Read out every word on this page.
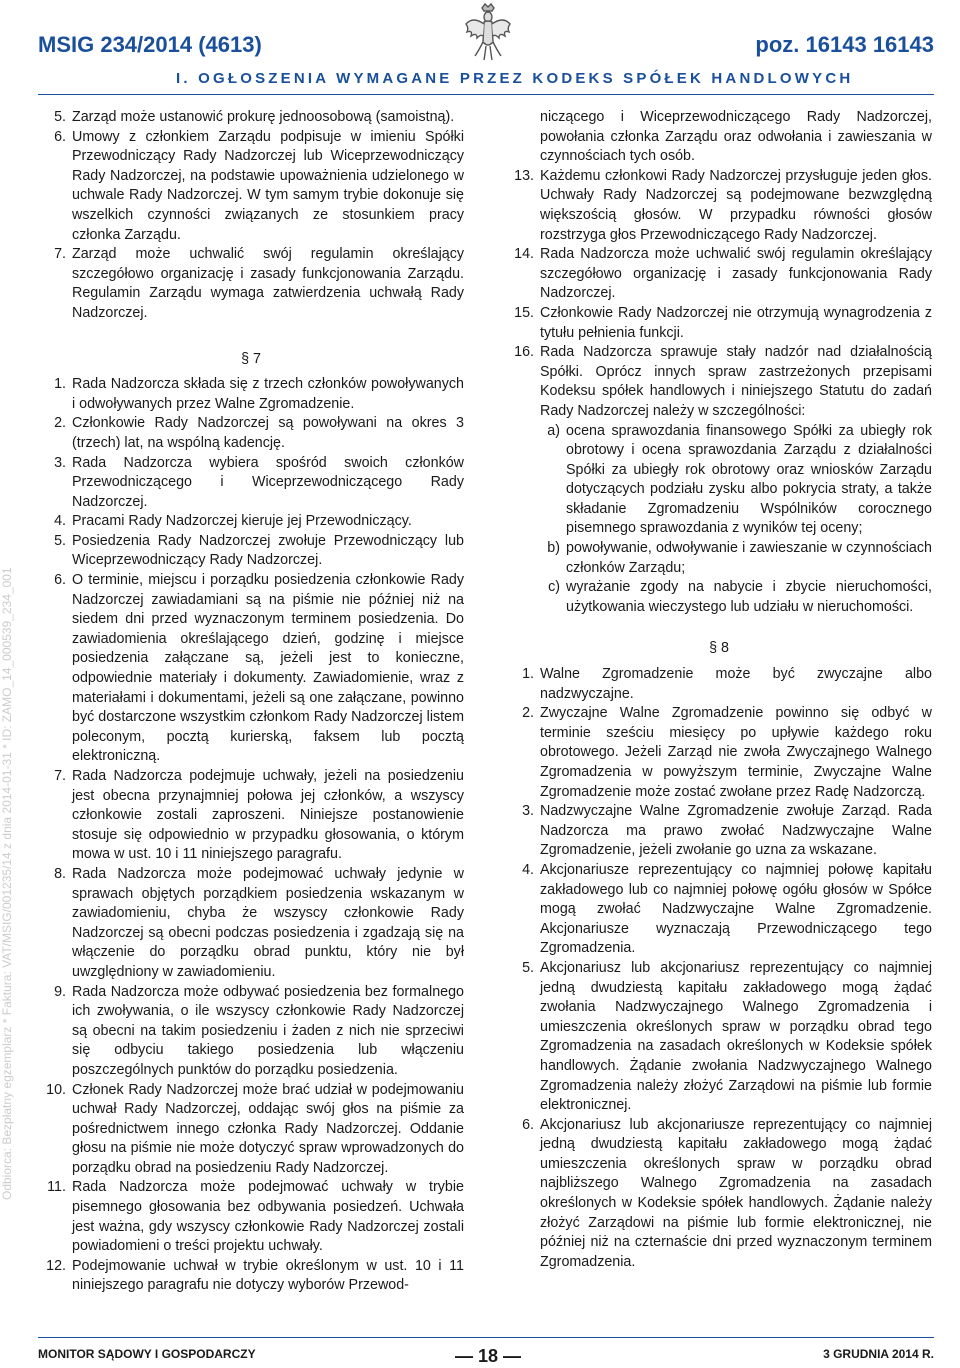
MSIG 234/2014 (4613)	poz. 16143 16143
I. OGŁOSZENIA WYMAGANE PRZEZ KODEKS SPÓŁEK HANDLOWYCH
Odbiorca: Bezpłatny egzemplarz * Faktura: VAT/MSIG/001235/14 z dnia 2014-01-31 * ID: ZAMO_14_000539_234_001
5. Zarząd może ustanowić prokurę jednoosobową (samoistną).
6. Umowy z członkiem Zarządu podpisuje w imieniu Spółki Przewodniczący Rady Nadzorczej lub Wiceprzewodniczący Rady Nadzorczej, na podstawie upoważnienia udzielonego w uchwale Rady Nadzorczej. W tym samym trybie dokonuje się wszelkich czynności związanych ze stosunkiem pracy członka Zarządu.
7. Zarząd może uchwalić swój regulamin określający szczegółowo organizację i zasady funkcjonowania Zarządu. Regulamin Zarządu wymaga zatwierdzenia uchwałą Rady Nadzorczej.
§ 7
1. Rada Nadzorcza składa się z trzech członków powoływanych i odwoływanych przez Walne Zgromadzenie.
2. Członkowie Rady Nadzorczej są powoływani na okres 3 (trzech) lat, na wspólną kadencję.
3. Rada Nadzorcza wybiera spośród swoich członków Przewodniczącego i Wiceprzewodniczącego Rady Nadzorczej.
4. Pracami Rady Nadzorczej kieruje jej Przewodniczący.
5. Posiedzenia Rady Nadzorczej zwołuje Przewodniczący lub Wiceprzewodniczący Rady Nadzorczej.
6. O terminie, miejscu i porządku posiedzenia członkowie Rady Nadzorczej zawiadamiani są na piśmie nie później niż na siedem dni przed wyznaczonym terminem posiedzenia. Do zawiadomienia określającego dzień, godzinę i miejsce posiedzenia załączane są, jeżeli jest to konieczne, odpowiednie materiały i dokumenty. Zawiadomienie, wraz z materiałami i dokumentami, jeżeli są one załączane, powinno być dostarczone wszystkim członkom Rady Nadzorczej listem poleconym, pocztą kurierską, faksem lub pocztą elektroniczną.
7. Rada Nadzorcza podejmuje uchwały, jeżeli na posiedzeniu jest obecna przynajmniej połowa jej członków, a wszyscy członkowie zostali zaproszeni. Niniejsze postanowienie stosuje się odpowiednio w przypadku głosowania, o którym mowa w ust. 10 i 11 niniejszego paragrafu.
8. Rada Nadzorcza może podejmować uchwały jedynie w sprawach objętych porządkiem posiedzenia wskazanym w zawiadomieniu, chyba że wszyscy członkowie Rady Nadzorczej są obecni podczas posiedzenia i zgadzają się na włączenie do porządku obrad punktu, który nie był uwzględniony w zawiadomieniu.
9. Rada Nadzorcza może odbywać posiedzenia bez formalnego ich zwoływania, o ile wszyscy członkowie Rady Nadzorczej są obecni na takim posiedzeniu i żaden z nich nie sprzeciwi się odbyciu takiego posiedzenia lub włączeniu poszczególnych punktów do porządku posiedzenia.
10. Członek Rady Nadzorczej może brać udział w podejmowaniu uchwał Rady Nadzorczej, oddając swój głos na piśmie za pośrednictwem innego członka Rady Nadzorczej. Oddanie głosu na piśmie nie może dotyczyć spraw wprowadzonych do porządku obrad na posiedzeniu Rady Nadzorczej.
11. Rada Nadzorcza może podejmować uchwały w trybie pisemnego głosowania bez odbywania posiedzeń. Uchwała jest ważna, gdy wszyscy członkowie Rady Nadzorczej zostali powiadomieni o treści projektu uchwały.
12. Podejmowanie uchwał w trybie określonym w ust. 10 i 11 niniejszego paragrafu nie dotyczy wyborów Przewod-
niczącego i Wiceprzewodniczącego Rady Nadzorczej, powołania członka Zarządu oraz odwołania i zawieszania w czynnościach tych osób.
13. Każdemu członkowi Rady Nadzorczej przysługuje jeden głos. Uchwały Rady Nadzorczej są podejmowane bezwzględną większością głosów. W przypadku równości głosów rozstrzyga głos Przewodniczącego Rady Nadzorczej.
14. Rada Nadzorcza może uchwalić swój regulamin określający szczegółowo organizację i zasady funkcjonowania Rady Nadzorczej.
15. Członkowie Rady Nadzorczej nie otrzymują wynagrodzenia z tytułu pełnienia funkcji.
16. Rada Nadzorcza sprawuje stały nadzór nad działalnością Spółki. Oprócz innych spraw zastrzeżonych przepisami Kodeksu spółek handlowych i niniejszego Statutu do zadań Rady Nadzorczej należy w szczególności:
a) ocena sprawozdania finansowego Spółki za ubiegły rok obrotowy i ocena sprawozdania Zarządu z działalności Spółki za ubiegły rok obrotowy oraz wniosków Zarządu dotyczących podziału zysku albo pokrycia straty, a także składanie Zgromadzeniu Wspólników corocznego pisemnego sprawozdania z wyników tej oceny;
b) powoływanie, odwoływanie i zawieszanie w czynnościach członków Zarządu;
c) wyrażanie zgody na nabycie i zbycie nieruchomości, użytkowania wieczystego lub udziału w nieruchomości.
§ 8
1. Walne Zgromadzenie może być zwyczajne albo nadzwyczajne.
2. Zwyczajne Walne Zgromadzenie powinno się odbyć w terminie sześciu miesięcy po upływie każdego roku obrotowego. Jeżeli Zarząd nie zwoła Zwyczajnego Walnego Zgromadzenia w powyższym terminie, Zwyczajne Walne Zgromadzenie może zostać zwołane przez Radę Nadzorczą.
3. Nadzwyczajne Walne Zgromadzenie zwołuje Zarząd. Rada Nadzorcza ma prawo zwołać Nadzwyczajne Walne Zgromadzenie, jeżeli zwołanie go uzna za wskazane.
4. Akcjonariusze reprezentujący co najmniej połowę kapitału zakładowego lub co najmniej połowę ogółu głosów w Spółce mogą zwołać Nadzwyczajne Walne Zgromadzenie. Akcjonariusze wyznaczają Przewodniczącego tego Zgromadzenia.
5. Akcjonariusz lub akcjonariusz reprezentujący co najmniej jedną dwudziestą kapitału zakładowego mogą żądać zwołania Nadzwyczajnego Walnego Zgromadzenia i umieszczenia określonych spraw w porządku obrad tego Zgromadzenia na zasadach określonych w Kodeksie spółek handlowych. Żądanie zwołania Nadzwyczajnego Walnego Zgromadzenia należy złożyć Zarządowi na piśmie lub formie elektronicznej.
6. Akcjonariusz lub akcjonariusze reprezentujący co najmniej jedną dwudziestą kapitału zakładowego mogą żądać umieszczenia określonych spraw w porządku obrad najbliższego Walnego Zgromadzenia na zasadach określonych w Kodeksie spółek handlowych. Żądanie należy złożyć Zarządowi na piśmie lub formie elektronicznej, nie później niż na czternaście dni przed wyznaczonym terminem Zgromadzenia.
MONITOR SĄDOWY I GOSPODARCZY	— 18 —	3 GRUDNIA 2014 R.
